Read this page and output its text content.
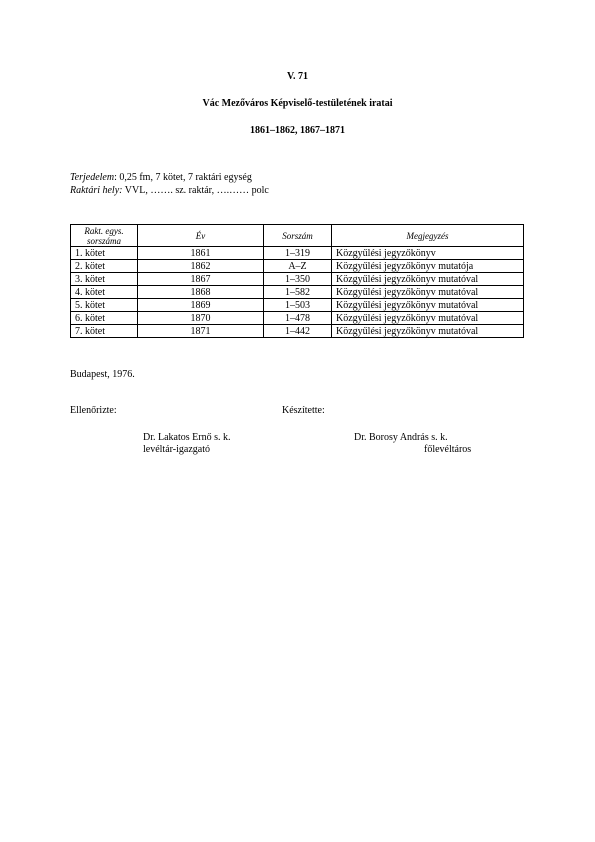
V. 71
Vác Mezőváros Képviselő-testületének iratai
1861–1862, 1867–1871
Terjedelem: 0,25 fm, 7 kötet, 7 raktári egység
Raktári hely: VVL, ……. sz. raktár, ….…… polc
Rakt. egys.
sorszáma	Év	Sorszám	Megjegyzés
1. kötet	1861	1–319	Közgyűlési jegyzőkönyv
2. kötet	1862	A–Z	Közgyűlési jegyzőkönyv mutatója
3. kötet	1867	1–350	Közgyűlési jegyzőkönyv mutatóval
4. kötet	1868	1–582	Közgyűlési jegyzőkönyv mutatóval
5. kötet	1869	1–503	Közgyűlési jegyzőkönyv mutatóval
6. kötet	1870	1–478	Közgyűlési jegyzőkönyv mutatóval
7. kötet	1871	1–442	Közgyűlési jegyzőkönyv mutatóval
Budapest, 1976.
Ellenőrizte:	Készítette:
Dr. Lakatos Ernő s. k.
levéltár-igazgató
Dr. Borosy András s. k.
főlevéltáros
